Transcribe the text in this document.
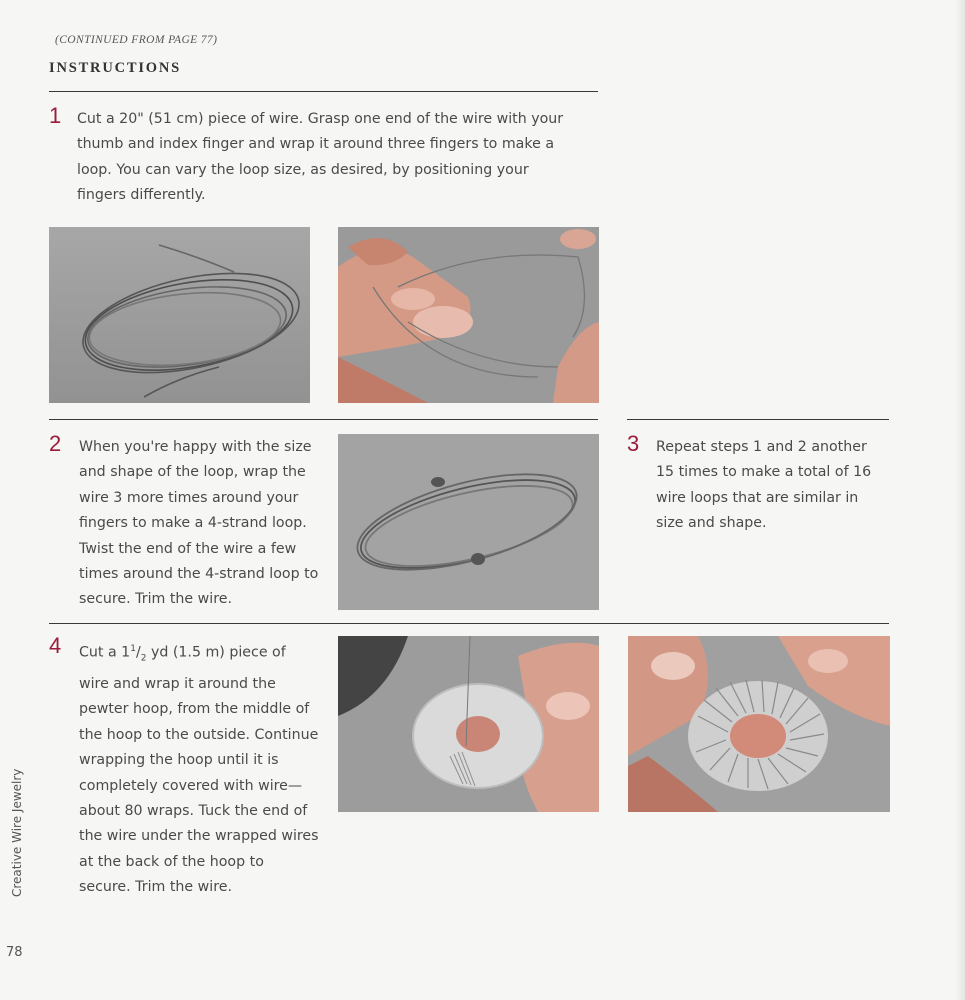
(CONTINUED FROM PAGE 77)
INSTRUCTIONS
1 Cut a 20" (51 cm) piece of wire. Grasp one end of the wire with your thumb and index finger and wrap it around three fingers to make a loop. You can vary the loop size, as desired, by positioning your fingers differently.
2 When you're happy with the size and shape of the loop, wrap the wire 3 more times around your fingers to make a 4-strand loop. Twist the end of the wire a few times around the 4-strand loop to secure. Trim the wire.
3 Repeat steps 1 and 2 another 15 times to make a total of 16 wire loops that are similar in size and shape.
4 Cut a $1^1/_2$ yd (1.5 m) piece of wire and wrap it around the pewter hoop, from the middle of the hoop to the outside. Continue wrapping the hoop until it is completely covered with wire—about 80 wraps. Tuck the end of the wire under the wrapped wires at the back of the hoop to secure. Trim the wire.
Creative Wire Jewelry
78
